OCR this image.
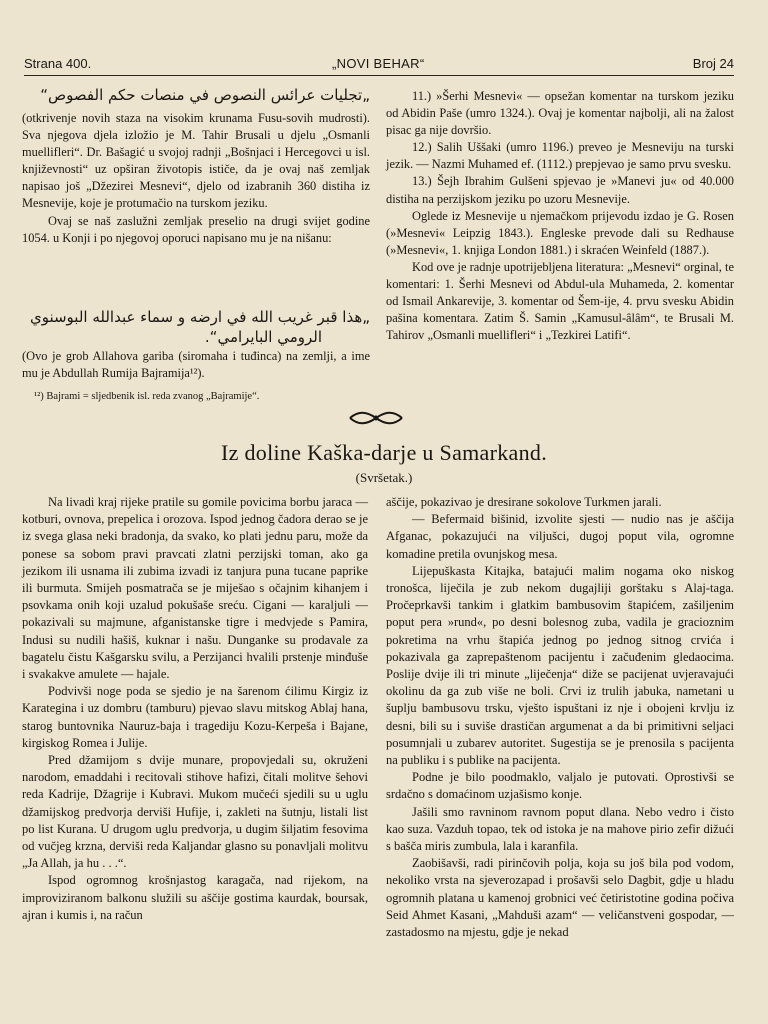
Strana 400.	„NOVI BEHAR“	Broj 24
„تجليات عرائس النصوص في منصات حكم الفصوص“

(otkrivenje novih staza na visokim krunama Fusu-sovih mudrosti). Sva njegova djela izložio je M. Tahir Brusali u djelu „Osmanli muellifleri“. Dr. Bašagić u svojoj radnji „Bošnjaci i Hercegovci u isl. književnosti“ uz opširan životopis ističe, da je ovaj naš zemljak napisao još „Džezirei Mesnevi“, djelo od izabranih 360 distiha iz Mesnevije, koje je protumačio na turskom jeziku.

Ovaj se naš zaslužni zemljak preselio na drugi svijet godine 1054. u Konji i po njegovoj oporuci napisano mu je na nišanu:

„هذا قبر غريب الله في ارضه و سماء عبدالله البوسنوي
الرومي البايرامي“.

(Ovo je grob Allahova gariba (siromaha i tuđinca) na zemlji, a ime mu je Abdullah Rumija Bajramija¹²).

¹²) Bajrami = sljedbenik isl. reda zvanog „Bajramije“.

11.) »Šerhi Mesnevi« — opsežan komentar na turskom jeziku od Abidin Paše (umro 1324.). Ovaj je komentar najbolji, ali na žalost pisac ga nije dovršio.

12.) Salih Uššaki (umro 1196.) preveo je Mesneviju na turski jezik. — Nazmi Muhamed ef. (1112.) prepjevao je samo prvu svesku.

13.) Šejh Ibrahim Gulšeni spjevao je »Manevi ju« od 40.000 distiha na perzijskom jeziku po uzoru Mesnevije.

Oglede iz Mesnevije u njemačkom prijevodu izdao je G. Rosen (»Mesnevi« Leipzig 1843.). Engleske prevode dali su Redhause (»Mesnevi«, 1. knjiga London 1881.) i skraćen Weinfeld (1887.).

Kod ove je radnje upotrijebljena literatura: „Mesnevi“ orginal, te komentari: 1. Šerhi Mesnevi od Abdul-ula Muhameda, 2. komentar od Ismail Ankarevije, 3. komentar od Šem-ije, 4. prvu svesku Abidin pašina komentara. Zatim Š. Samin „Kamusul-âlâm“, te Brusali M. Tahirov „Osmanli muellifleri“ i „Tezkirei Latifi“.

Iz doline Kaška-darje u Samarkand.
(Svršetak.)

Na livadi kraj rijeke pratile su gomile povicima borbu jaraca — kotburi, ovnova, prepelica i orozova. Ispod jednog čadora derao se je iz svega glasa neki bradonja, da svako, ko plati jednu paru, može da ponese sa sobom pravi pravcati zlatni perzijski toman, ako ga jezikom ili usnama ili zubima izvadi iz tanjura puna tucane paprike ili burmuta. Smijeh posmatrača se je miješao s očajnim kihanjem i psovkama onih koji uzalud pokušaše sreću. Cigani — karaljuli — pokazivali su majmune, afganistanske tigre i medvjede s Pamira, Indusi su nudili hašiš, kuknar i našu. Dunganke su prodavale za bagatelu čistu Kašgarsku svilu, a Perzijanci hvalili prstenje minđuše i svakakve amulete — hajale.

Podvivši noge poda se sjedio je na šarenom ćilimu Kirgiz iz Karategina i uz dombru (tamburu) pjevao slavu mitskog Ablaj hana, starog buntovnika Nauruz-baja i tragediju Kozu-Kerpeša i Bajane, kirgiskog Romea i Julije.

Pred džamijom s dvije munare, propovjedali su, okruženi narodom, emaddahi i recitovali stihove hafizi, čitali molitve šehovi reda Kadrije, Džagrije i Kubravi. Mukom mučeći sjedili su u uglu džamijskog predvorja derviši Hufije, i, zakleti na šutnju, listali list po list Kurana. U drugom uglu predvorja, u dugim šiljatim fesovima od vučjeg krzna, derviši reda Kaljandar glasno su ponavljali molitvu „Ja Allah, ja hu . . .“.

Ispod ogromnog krošnjastog karagača, nad rijekom, na improviziranom balkonu služili su aščije gostima kaurdak, boursak, ajran i kumis i, na račun

aščije, pokazivao je dresirane sokolove Turkmen jarali.

— Befermaid bišinid, izvolite sjesti — nudio nas je aščija Afganac, pokazujući na viljušci, dugoj poput vila, ogromne komadine pretila ovunjskog mesa.

Lijepuškasta Kitajka, batajući malim nogama oko niskog tronošca, liječila je zub nekom dugajliji gorštaku s Alaj-taga. Pročeprkavši tankim i glatkim bambusovim štapićem, zašiljenim poput pera »rund«, po desni bolesnog zuba, vadila je gracioznim pokretima na vrhu štapića jednog po jednog sitnog crvića i pokazivala ga zaprepaštenom pacijentu i začuđenim gledaocima. Poslije dvije ili tri minute „liječenja“ diže se pacijenat uvjeravajući okolinu da ga zub više ne boli. Crvi iz trulih jabuka, nametani u šuplju bambusovu trsku, vješto ispuštani iz nje i obojeni krvlju iz desni, bili su i suviše drastičan argumenat a da bi primitivni seljaci posumnjali u zubarev autoritet. Sugestija se je prenosila s pacijenta na publiku i s publike na pacijenta.

Podne je bilo poodmaklo, valjalo je putovati. Oprostivši se srdačno s domaćinom uzjašismo konje.

Jašili smo ravninom ravnom poput dlana. Nebo vedro i čisto kao suza. Vazduh topao, tek od istoka je na mahove pirio zefir dižući s bašča miris zumbula, lala i karanfila.

Zaobišavši, radi pirinčovih polja, koja su još bila pod vodom, nekoliko vrsta na sjeverozapad i prošavši selo Dagbit, gdje u hladu ogromnih platana u kamenoj grobnici već četiristotine godina počiva Seid Ahmet Kasani, „Mahduši azam“ — veličanstveni gospodar, — zastadosmo na mjestu, gdje je nekad
